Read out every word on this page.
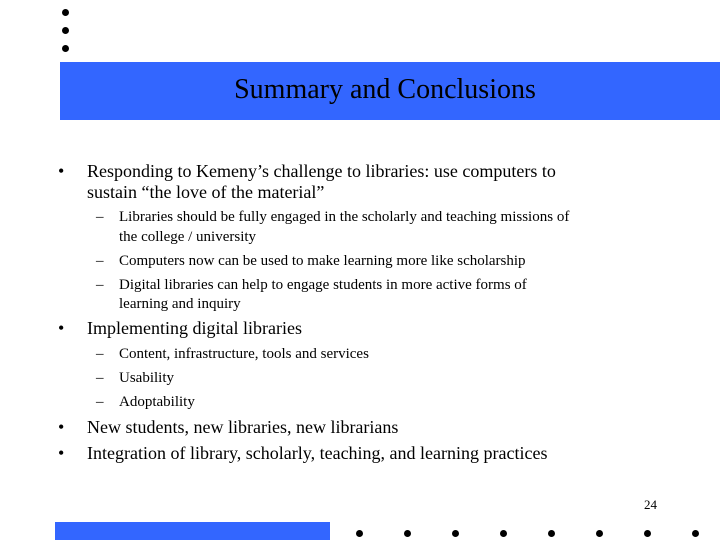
Summary and Conclusions
• Responding to Kemeny’s challenge to libraries: use computers to
sustain “the love of the material”
– Libraries should be fully engaged in the scholarly and teaching missions of
the college / university
– Computers now can be used to make learning more like scholarship
– Digital libraries can help to engage students in more active forms of
learning and inquiry
• Implementing digital libraries
– Content, infrastructure, tools and services
– Usability
– Adoptability
• New students, new libraries, new librarians
• Integration of library, scholarly, teaching, and learning practices
24
